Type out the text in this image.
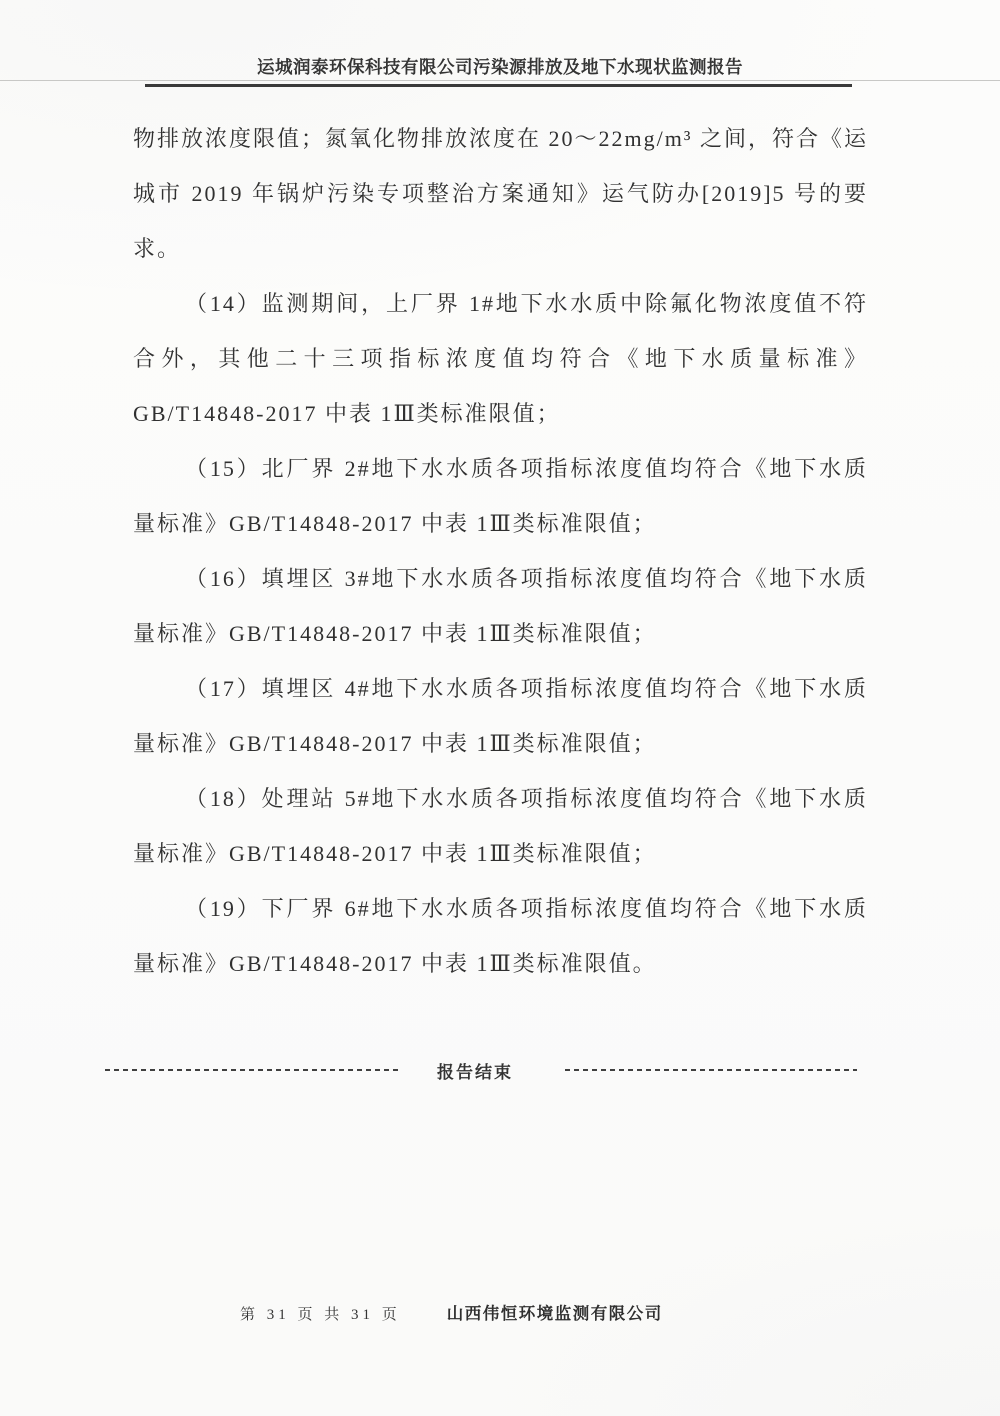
运城润泰环保科技有限公司污染源排放及地下水现状监测报告

物排放浓度限值；氮氧化物排放浓度在 20～22mg/m³ 之间，符合《运城市 2019 年锅炉污染专项整治方案通知》运气防办[2019]5 号的要求。

（14）监测期间，上厂界 1#地下水水质中除氟化物浓度值不符合外，其他二十三项指标浓度值均符合《地下水质量标准》GB/T14848-2017 中表 1Ⅲ类标准限值；

（15）北厂界 2#地下水水质各项指标浓度值均符合《地下水质量标准》GB/T14848-2017 中表 1Ⅲ类标准限值；

（16）填埋区 3#地下水水质各项指标浓度值均符合《地下水质量标准》GB/T14848-2017 中表 1Ⅲ类标准限值；

（17）填埋区 4#地下水水质各项指标浓度值均符合《地下水质量标准》GB/T14848-2017 中表 1Ⅲ类标准限值；

（18）处理站 5#地下水水质各项指标浓度值均符合《地下水质量标准》GB/T14848-2017 中表 1Ⅲ类标准限值；

（19）下厂界 6#地下水水质各项指标浓度值均符合《地下水质量标准》GB/T14848-2017 中表 1Ⅲ类标准限值。

报告结束
第 31 页 共 31 页	山西伟恒环境监测有限公司
